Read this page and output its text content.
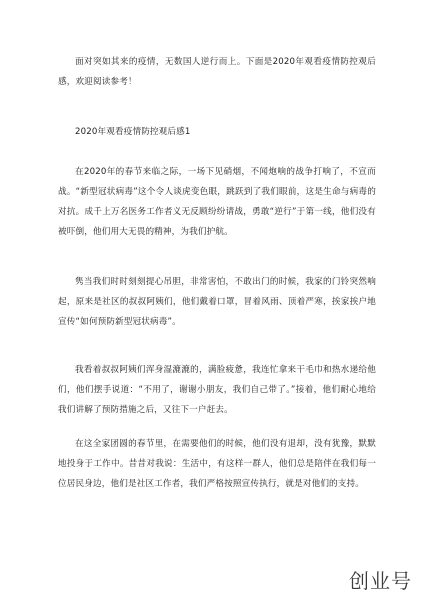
面对突如其来的疫情，无数国人逆行而上。下面是2020年观看疫情防控观后感，欢迎阅读参考！

2020年观看疫情防控观后感1

在2020年的春节来临之际，一场下见硝烟，不闻炮响的战争打响了，不宣而战。“新型冠状病毒”这个令人谈虎变色眼，跳跃到了我们眼前，这是生命与病毒的对抗。成千上万名医务工作者义无反顾纷纷请战，勇敢“逆行”于第一线，他们没有被吓倒，他们用大无畏的精神，为我们护航。

隽当我们时时刻刻提心吊胆，非常害怕，不敢出门的时候，我家的门铃突然响起，原来是社区的叔叔阿姨们，他们戴着口罩，冒着风雨、顶着严寒，挨家挨户地宣传“如何预防新型冠状病毒”。

我看着叔叔阿姨们浑身湿漉漉的，满脸疲惫，我连忙拿来干毛巾和热水递给他们，他们摆手说道：“不用了，谢谢小朋友，我们自己带了。”接着，他们耐心地给我们讲解了预防措施之后，又往下一户赶去。

在这全家团圆的春节里，在需要他们的时候，他们没有退却，没有犹豫，默默地投身于工作中。昔昔对我说：生活中，有这样一群人，他们总是陪伴在我们每一位居民身边，他们是社区工作者，我们严格按照宣传执行，就是对他们的支持。

创业号
